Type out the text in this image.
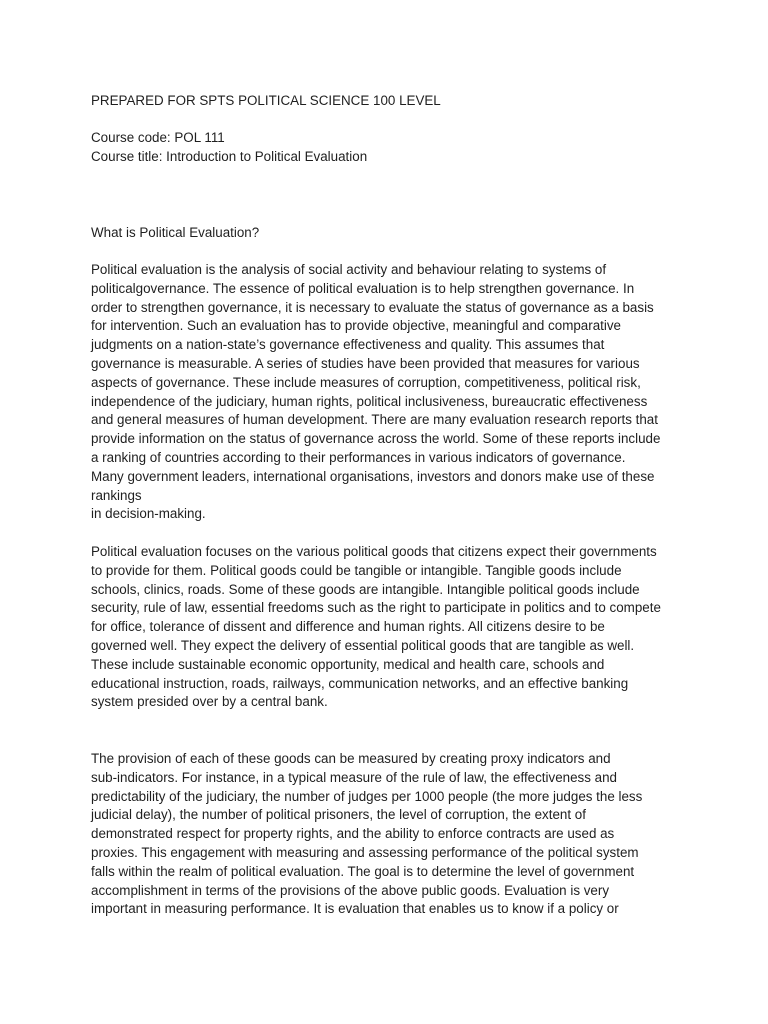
PREPARED FOR SPTS POLITICAL SCIENCE 100 LEVEL
Course code: POL 111
Course title: Introduction to Political Evaluation
What is Political Evaluation?
Political evaluation is the analysis of social activity and behaviour relating to systems of
politicalgovernance. The essence of political evaluation is to help strengthen governance. In
order to strengthen governance, it is necessary to evaluate the status of governance as a basis
for intervention. Such an evaluation has to provide objective, meaningful and comparative
judgments on a nation-state’s governance effectiveness and quality. This assumes that
governance is measurable. A series of studies have been provided that measures for various
aspects of governance. These include measures of corruption, competitiveness, political risk,
independence of the judiciary, human rights, political inclusiveness, bureaucratic effectiveness
and general measures of human development. There are many evaluation research reports that
provide information on the status of governance across the world. Some of these reports include
a ranking of countries according to their performances in various indicators of governance.
Many government leaders, international organisations, investors and donors make use of these
rankings
in decision-making.
Political evaluation focuses on the various political goods that citizens expect their governments
to provide for them. Political goods could be tangible or intangible. Tangible goods include
schools, clinics, roads. Some of these goods are intangible. Intangible political goods include
security, rule of law, essential freedoms such as the right to participate in politics and to compete
for office, tolerance of dissent and difference and human rights. All citizens desire to be
governed well. They expect the delivery of essential political goods that are tangible as well.
These include sustainable economic opportunity, medical and health care, schools and
educational instruction, roads, railways, communication networks, and an effective banking
system presided over by a central bank.
The provision of each of these goods can be measured by creating proxy indicators and
sub-indicators. For instance, in a typical measure of the rule of law, the effectiveness and
predictability of the judiciary, the number of judges per 1000 people (the more judges the less
judicial delay), the number of political prisoners, the level of corruption, the extent of
demonstrated respect for property rights, and the ability to enforce contracts are used as
proxies. This engagement with measuring and assessing performance of the political system
falls within the realm of political evaluation. The goal is to determine the level of government
accomplishment in terms of the provisions of the above public goods. Evaluation is very
important in measuring performance. It is evaluation that enables us to know if a policy or
